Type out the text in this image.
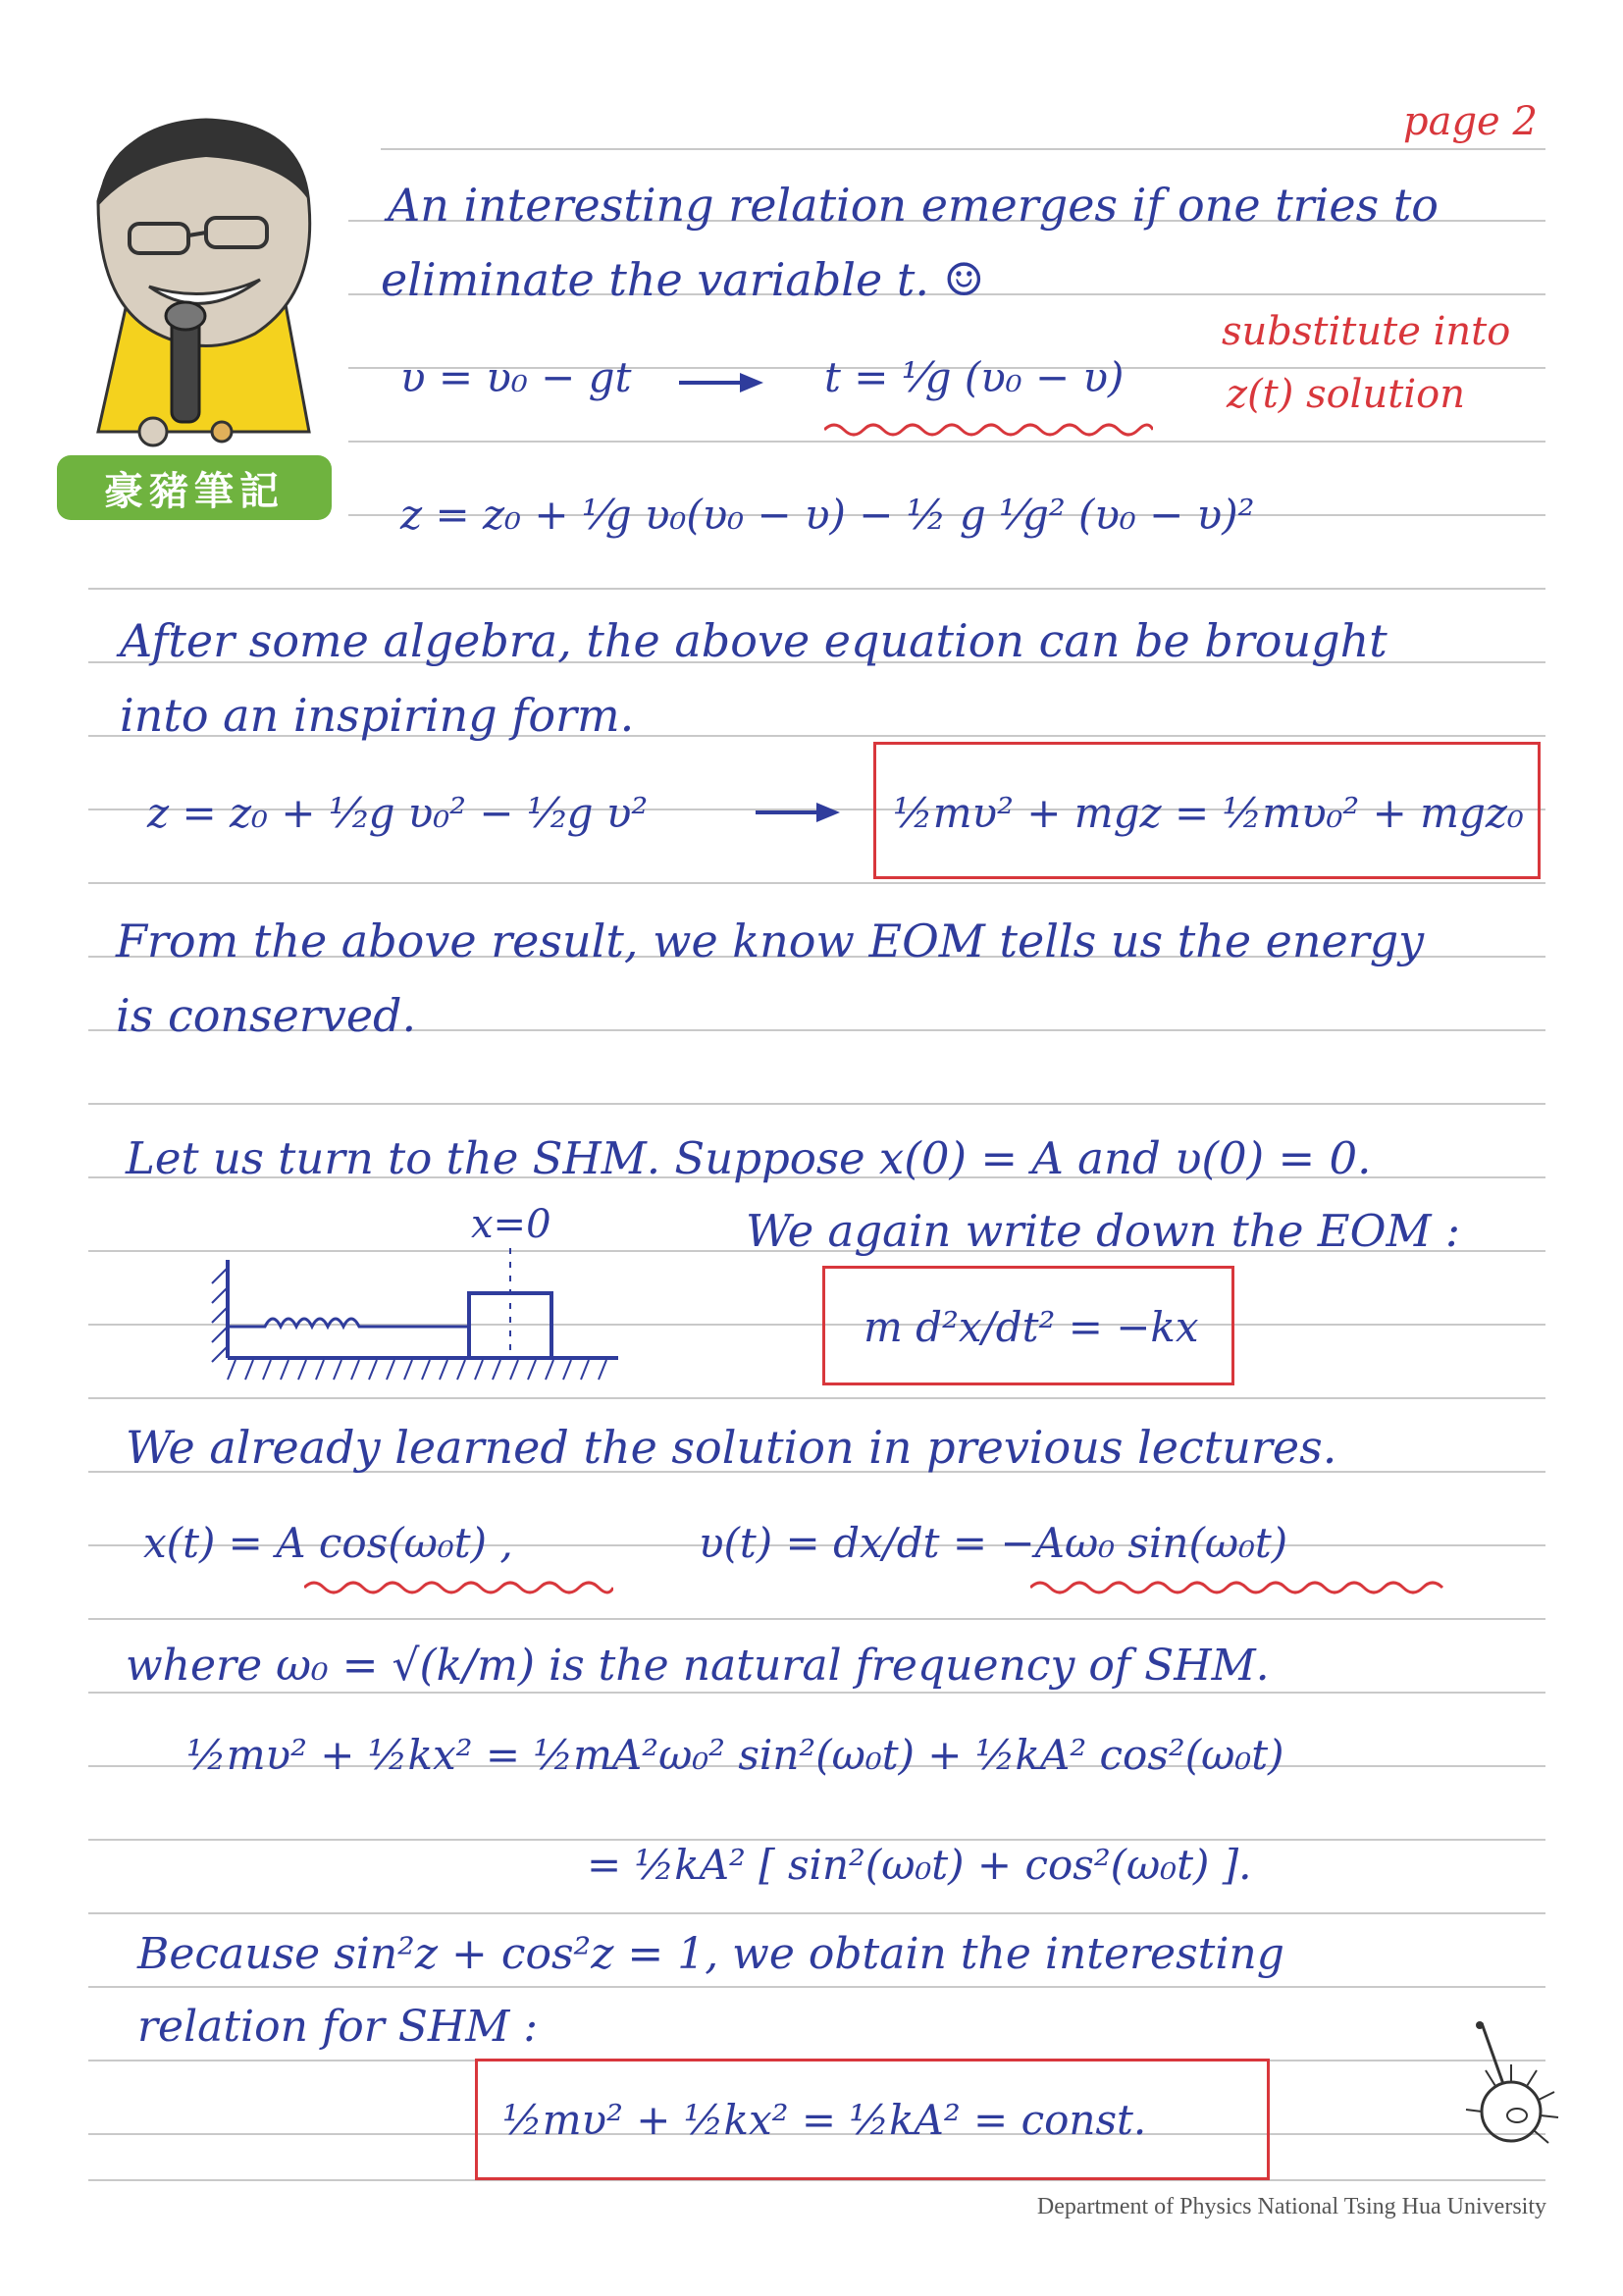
page 2
豪豬筆記
An interesting relation emerges if one tries to
eliminate the variable t. ☺
substitute into
z(t) solution
υ = υ₀ − gt	t = ¹⁄g (υ₀ − υ)
z = z₀ + ¹⁄g υ₀(υ₀ − υ) − ½ g ¹⁄g² (υ₀ − υ)²
After some algebra, the above equation can be brought
into an inspiring form.
z = z₀ + ¹⁄₂g υ₀² − ¹⁄₂g υ²	½mυ² + mgz = ½mυ₀² + mgz₀
From the above result, we know EOM tells us the energy
is conserved.
Let us turn to the SHM. Suppose x(0) = A and υ(0) = 0.
x=0	We again write down the EOM :
m d²x/dt² = −kx
We already learned the solution in previous lectures.
x(t) = A cos(ω₀t) ,	υ(t) = dx/dt = −Aω₀ sin(ω₀t)
where ω₀ = √(k/m) is the natural frequency of SHM.
½mυ² + ½kx² = ½mA²ω₀² sin²(ω₀t) + ½kA² cos²(ω₀t)
= ½kA² [ sin²(ω₀t) + cos²(ω₀t) ].
Because sin²z + cos²z = 1, we obtain the interesting
relation for SHM :
½mυ² + ½kx² = ½kA² = const.
Department of Physics National Tsing Hua University
